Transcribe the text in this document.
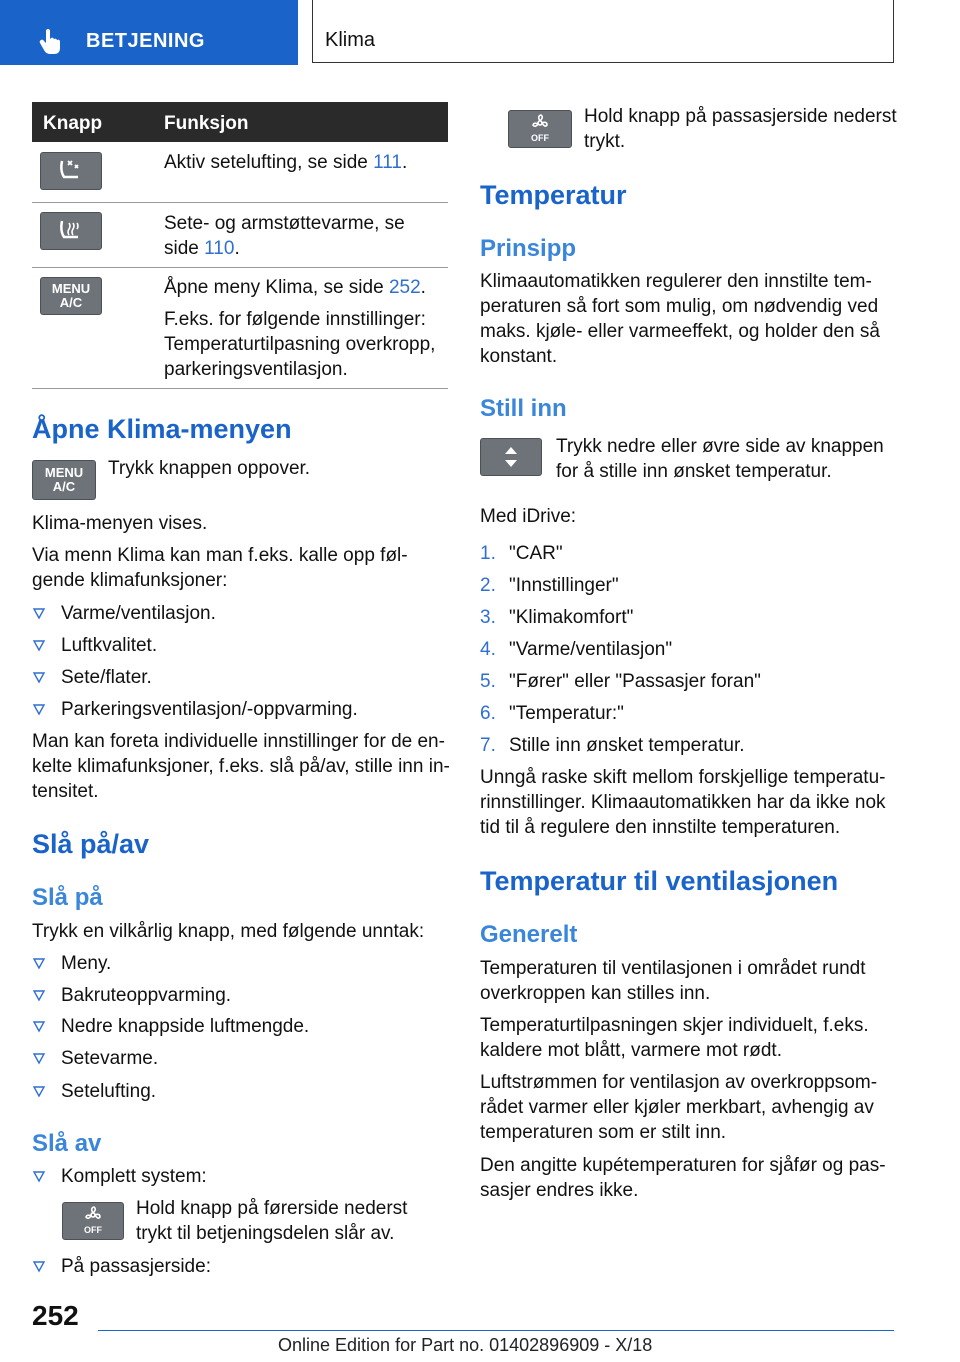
BETJENING	Klima
Knapp	Funksjon
Aktiv setelufting, se side 111.
Sete- og armstøttevarme, se
side 110.
MENU
A/C
Åpne meny Klima, se side 252.
F.eks. for følgende innstillinger:
Temperaturtilpasning overkropp,
parkeringsventilasjon.
Åpne Klima-menyen
MENU
A/C

Trykk knappen oppover.

Klima-menyen vises.

Via menn Klima kan man f.eks. kalle opp føl-
gende klimafunksjoner:
Varme/ventilasjon.
Luftkvalitet.
Sete/flater.
Parkeringsventilasjon/-oppvarming.
Man kan foreta individuelle innstillinger for de en-
kelte klimafunksjoner, f.eks. slå på/av, stille inn in-
tensitet.
Slå på/av
Slå på

Trykk en vilkårlig knapp, med følgende unntak:

Meny.
Bakruteoppvarming.
Nedre knappside luftmengde.
Setevarme.
Setelufting.
Slå av
Komplett system:
OFF
Hold knapp på førerside nederst
trykt til betjeningsdelen slår av.
På passasjerside:
OFF
Hold knapp på passasjerside nederst
trykt.
Temperatur
Prinsipp
Klimaautomatikken regulerer den innstilte tem-
peraturen så fort som mulig, om nødvendig ved
maks. kjøle- eller varmeeffekt, og holder den så
konstant.
Still inn
Trykk nedre eller øvre side av knappen
for å stille inn ønsket temperatur.

Med iDrive:

1. "CAR"
2. "Innstillinger"
3. "Klimakomfort"
4. "Varme/ventilasjon"
5. "Fører" eller "Passasjer foran"
6. "Temperatur:"
7. Stille inn ønsket temperatur.
Unngå raske skift mellom forskjellige temperatu-
rinnstillinger. Klimaautomatikken har da ikke nok
tid til å regulere den innstilte temperaturen.
Temperatur til ventilasjonen
Generelt
Temperaturen til ventilasjonen i området rundt
overkroppen kan stilles inn.
Temperaturtilpasningen skjer individuelt, f.eks.
kaldere mot blått, varmere mot rødt.
Luftstrømmen for ventilasjon av overkroppsom-
rådet varmer eller kjøler merkbart, avhengig av
temperaturen som er stilt inn.
Den angitte kupétemperaturen for sjåfør og pas-
sasjer endres ikke.
252
Online Edition for Part no. 01402896909 - X/18
